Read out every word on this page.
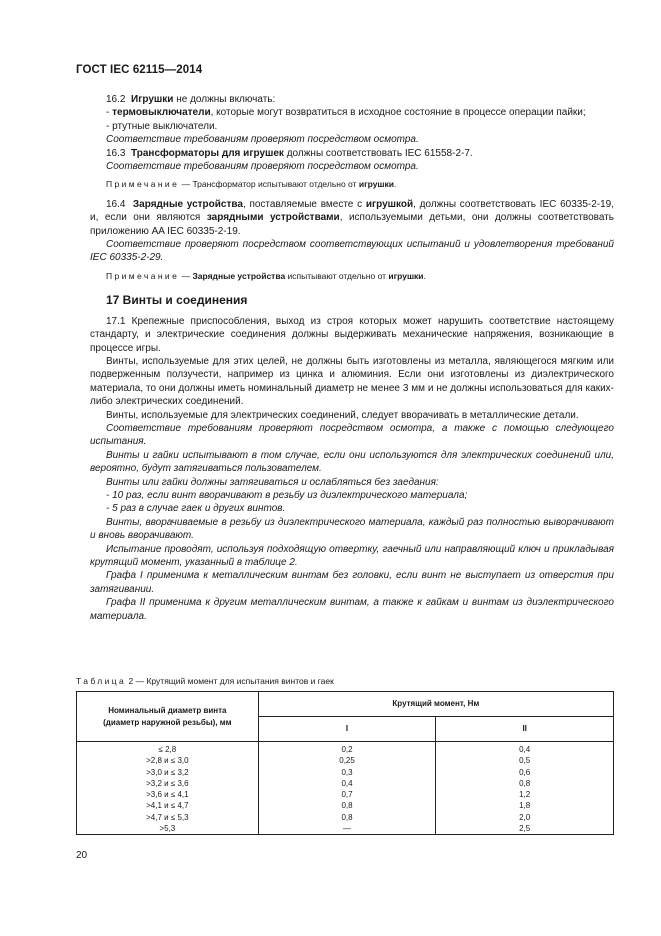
ГОСТ IEC 62115—2014

16.2 Игрушки не должны включать:

- термовыключатели, которые могут возвратиться в исходное состояние в процессе операции пайки;

- ртутные выключатели.

Соответствие требованиям проверяют посредством осмотра.

16.3 Трансформаторы для игрушек должны соответствовать IEC 61558-2-7.

Соответствие требованиям проверяют посредством осмотра.

Примечание — Трансформатор испытывают отдельно от игрушки.

16.4 Зарядные устройства, поставляемые вместе с игрушкой, должны соответствовать IEC 60335-2-19, и, если они являются зарядными устройствами, используемыми детьми, они должны соответствовать приложению AA IEC 60335-2-19.

Соответствие проверяют посредством соответствующих испытаний и удовлетворения требований IEC 60335-2-29.

Примечание — Зарядные устройства испытывают отдельно от игрушки.

17 Винты и соединения

17.1 Крепежные приспособления, выход из строя которых может нарушить соответствие настоящему стандарту, и электрические соединения должны выдерживать механические напряжения, возникающие в процессе игры.

Винты, используемые для этих целей, не должны быть изготовлены из металла, являющегося мягким или подверженным ползучести, например из цинка и алюминия. Если они изготовлены из диэлектрического материала, то они должны иметь номинальный диаметр не менее 3 мм и не должны использоваться для каких-либо электрических соединений.

Винты, используемые для электрических соединений, следует вворачивать в металлические детали.

Соответствие требованиям проверяют посредством осмотра, а также с помощью следующего испытания.

Винты и гайки испытывают в том случае, если они используются для электрических соединений или, вероятно, будут затягиваться пользователем.

Винты или гайки должны затягиваться и ослабляться без заедания:

- 10 раз, если винт вворачивают в резьбу из диэлектрического материала;

- 5 раз в случае гаек и других винтов.

Винты, вворачиваемые в резьбу из диэлектрического материала, каждый раз полностью выворачивают и вновь вворачивают.

Испытание проводят, используя подходящую отвертку, гаечный или направляющий ключ и прикладывая крутящий момент, указанный в таблице 2.

Графа I применима к металлическим винтам без головки, если винт не выступает из отверстия при затягивании.

Графа II применима к другим металлическим винтам, а также к гайкам и винтам из диэлектрического материала.

Таблица 2 — Крутящий момент для испытания винтов и гаек
Номинальный диаметр винта
(диаметр наружной резьбы), мм	Крутящий момент, Нм	
	I	II
≤ 2,8	0,2	0,4
>2,8 и ≤ 3,0	0,25	0,5
>3,0 и ≤ 3,2	0,3	0,6
>3,2 и ≤ 3,6	0,4	0,8
>3,6 и ≤ 4,1	0,7	1,2
>4,1 и ≤ 4,7	0,8	1,8
>4,7 и ≤ 5,3	0,8	2,0
>5,3	—	2,5
20
